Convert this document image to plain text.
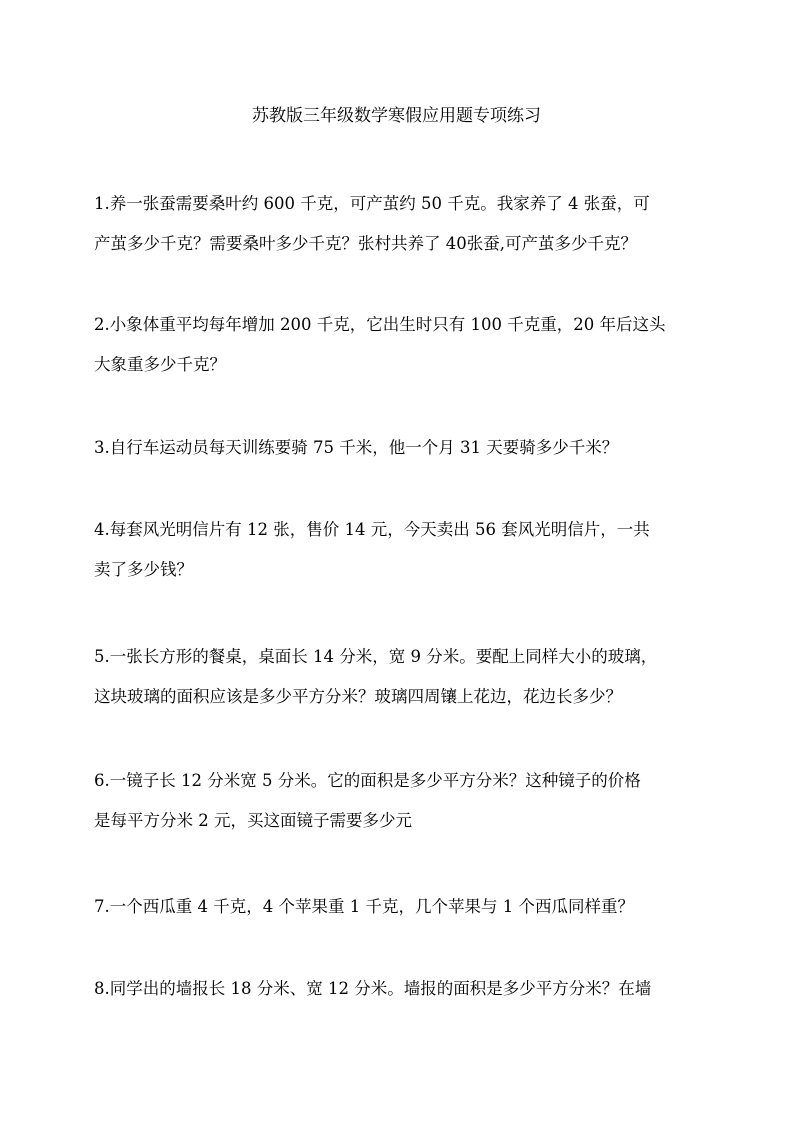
苏教版三年级数学寒假应用题专项练习

1.养一张蚕需要桑叶约 600 千克，可产茧约 50 千克。我家养了 4 张蚕，可
产茧多少千克？需要桑叶多少千克？张村共养了 40张蚕,可产茧多少千克？

2.小象体重平均每年增加 200 千克，它出生时只有 100 千克重，20 年后这头
大象重多少千克？

3.自行车运动员每天训练要骑 75 千米，他一个月 31 天要骑多少千米？

4.每套风光明信片有 12 张，售价 14 元，今天卖出 56 套风光明信片，一共
卖了多少钱？

5.一张长方形的餐桌，桌面长 14 分米，宽 9 分米。要配上同样大小的玻璃，
这块玻璃的面积应该是多少平方分米？玻璃四周镶上花边，花边长多少？

6.一镜子长 12 分米宽 5 分米。它的面积是多少平方分米？这种镜子的价格
是每平方分米 2 元，买这面镜子需要多少元

7.一个西瓜重 4 千克，4 个苹果重 1 千克，几个苹果与 1 个西瓜同样重？

8.同学出的墙报长 18 分米、宽 12 分米。墙报的面积是多少平方分米？在墙
